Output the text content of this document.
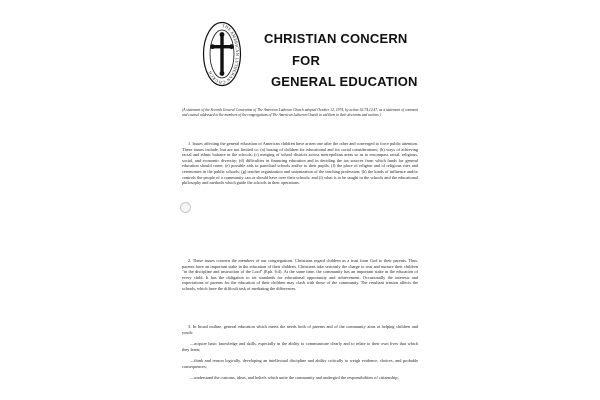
THE AMERICAN LUTHERAN CHURCH
CHRISTIAN CONCERN
FOR
GENERAL EDUCATION

(A statement of the Seventh General Convention of The American Lutheran Church adopted October 12, 1974, by action GC74.12.47, as a statement of comment and counsel addressed to the members of the congregations of The American Lutheran Church to aid them in their decisions and actions.)

1. Issues affecting the general education of American children have arisen one after the other and converged to force public attention. These issues include, but are not limited to: (a) busing of children for educational and for racial considerations; (b) ways of achieving racial and ethnic balance in the schools; (c) merging of school districts across metropolitan areas so as to encompass racial, religious, social, and economic diversity; (d) difficulties in financing education and in deciding the tax sources from which funds for general education should come; (e) possible aids to parochial schools and/or to their pupils; (f) the place of religion and of religious rites and ceremonies in the public schools; (g) teacher organization and unionization of the teaching profession; (h) the kinds of influence and/or controls the people of a community can or should have over their schools; and (i) what is to be taught in the schools and the educational philosophy and methods which guide the schools in their operations.

2. These issues concern the members of our congregations. Christians regard children as a trust from God to their parents. Thus, parents have an important stake in the education of their children. Christians take seriously the charge to rear and nurture their children "in the discipline and instruction of the Lord" (Eph. 6:4). At the same time, the community has an important stake in the education of every child. It has the obligation to set standards for educational opportunity and achievement. Occasionally the interests and expectations of parents for the education of their children may clash with those of the community. The resultant tension affects the schools, which have the difficult task of mediating the differences.

3. In broad outline, general education which meets the needs both of parents and of the community aims at helping children and youth:

—acquire basic knowledge and skills, especially in the ability to communicate clearly and to relate to their own lives that which they learn;

—think and reason logically, developing an intellectual discipline and ability critically to weigh evidence, choices, and probable consequences;

—understand the customs, ideas, and beliefs which unite the community and undergird the responsibilities of citizenship;
